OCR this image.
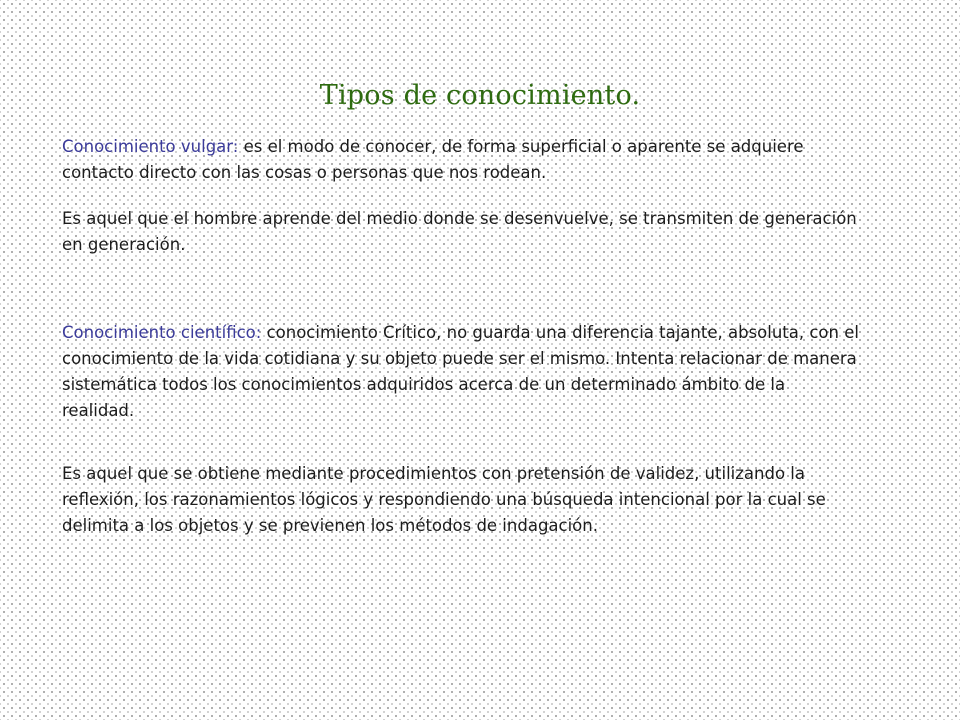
Tipos de conocimiento.
Conocimiento vulgar: es el modo de conocer, de forma superficial o aparente se adquiere contacto directo con las cosas o personas que nos rodean.
Es aquel que el hombre aprende del medio donde se desenvuelve, se transmiten de generación en generación.
Conocimiento científico: conocimiento Crítico, no guarda una diferencia tajante, absoluta, con el conocimiento de la vida cotidiana y su objeto puede ser el mismo. Intenta relacionar de manera sistemática todos los conocimientos adquiridos acerca de un determinado ámbito de la realidad.
Es aquel que se obtiene mediante procedimientos con pretensión de validez, utilizando la reflexión, los razonamientos lógicos y respondiendo una búsqueda intencional por la cual se delimita a los objetos y se previenen los métodos de indagación.
